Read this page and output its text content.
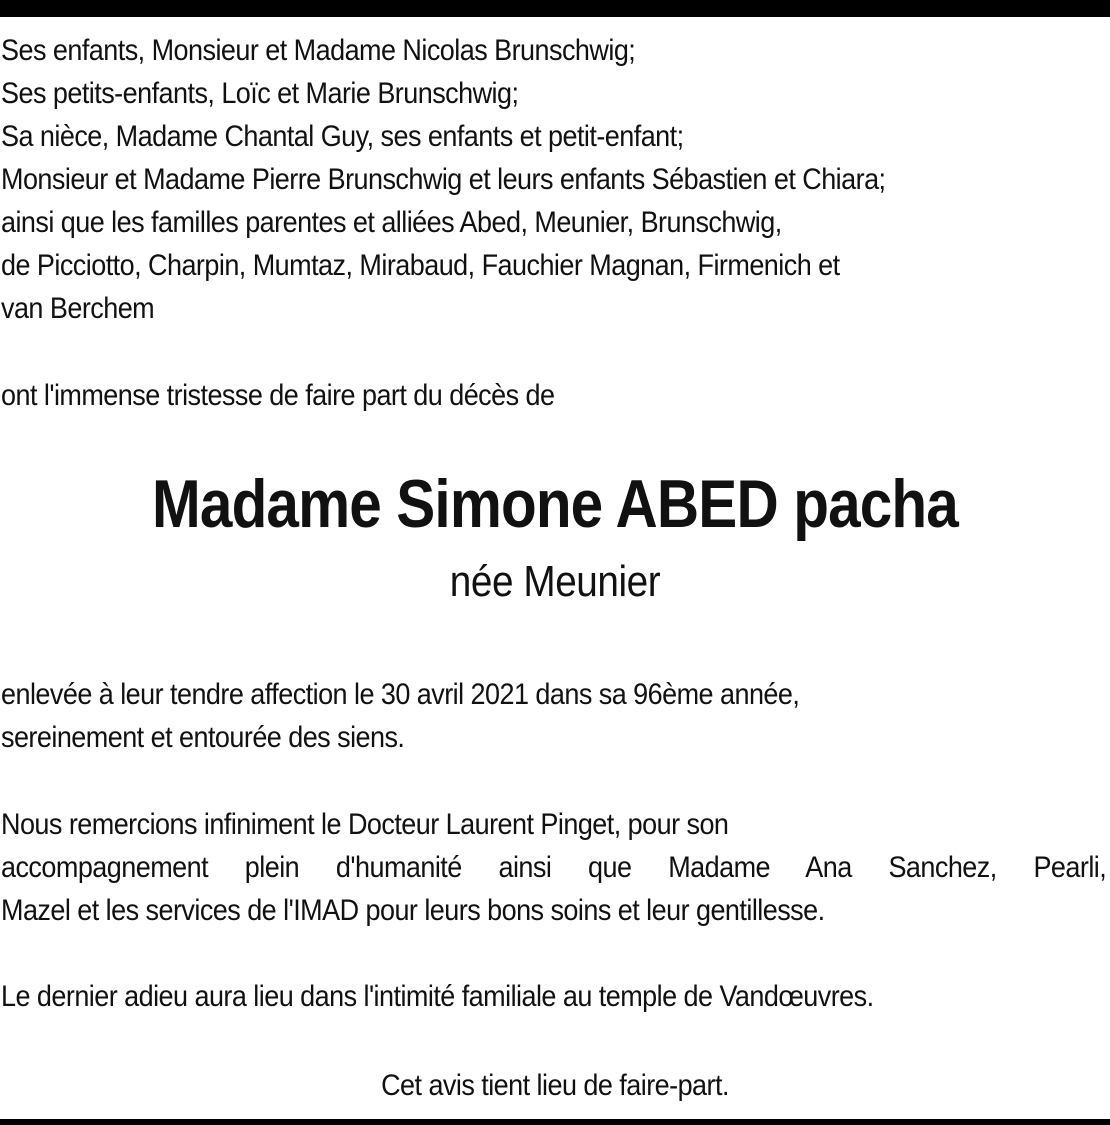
Ses enfants, Monsieur et Madame Nicolas Brunschwig;
Ses petits-enfants, Loïc et Marie Brunschwig;
Sa nièce, Madame Chantal Guy, ses enfants et petit-enfant;
Monsieur et Madame Pierre Brunschwig et leurs enfants Sébastien et Chiara;
ainsi que les familles parentes et alliées Abed, Meunier, Brunschwig,
de Picciotto, Charpin, Mumtaz, Mirabaud, Fauchier Magnan, Firmenich et
van Berchem
ont l'immense tristesse de faire part du décès de
Madame Simone ABED pacha
née Meunier
enlevée à leur tendre affection le 30 avril 2021 dans sa 96ème année,
sereinement et entourée des siens.
Nous remercions infiniment le Docteur Laurent Pinget, pour son
accompagnement plein d'humanité ainsi que Madame Ana Sanchez, Pearli,
Mazel et les services de l'IMAD pour leurs bons soins et leur gentillesse.
Le dernier adieu aura lieu dans l'intimité familiale au temple de Vandœuvres.
Cet avis tient lieu de faire-part.
